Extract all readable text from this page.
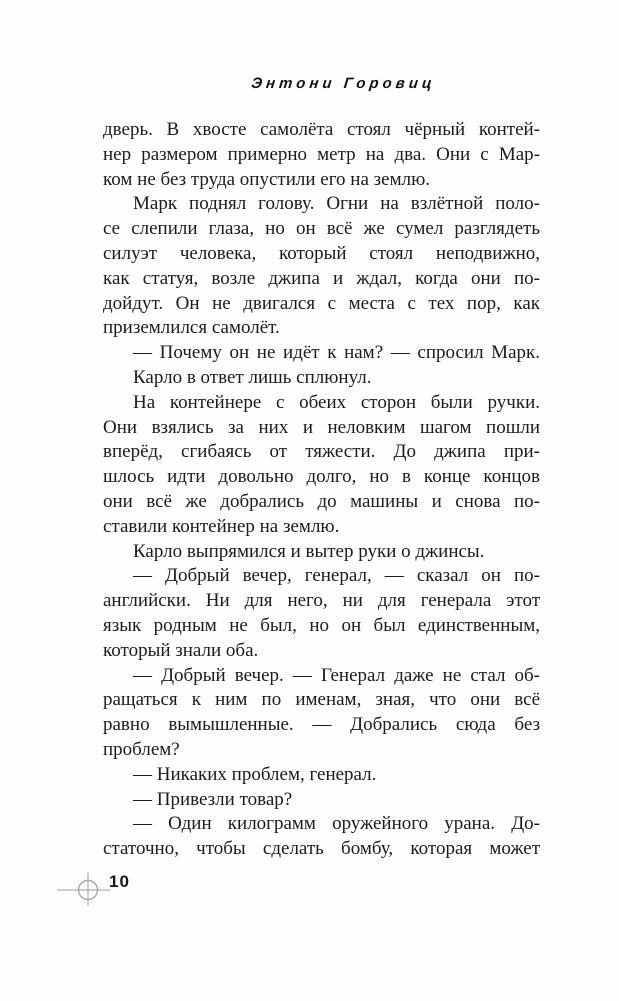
Энтони Горовиц
дверь. В хвосте самолёта стоял чёрный контей-
нер размером примерно метр на два. Они с Мар-
ком не без труда опустили его на землю.
Марк поднял голову. Огни на взлётной поло-
се слепили глаза, но он всё же сумел разглядеть
силуэт человека, который стоял неподвижно,
как статуя, возле джипа и ждал, когда они по-
дойдут. Он не двигался с места с тех пор, как
приземлился самолёт.
— Почему он не идёт к нам? — спросил Марк.
Карло в ответ лишь сплюнул.
На контейнере с обеих сторон были ручки.
Они взялись за них и неловким шагом пошли
вперёд, сгибаясь от тяжести. До джипа при-
шлось идти довольно долго, но в конце концов
они всё же добрались до машины и снова по-
ставили контейнер на землю.
Карло выпрямился и вытер руки о джинсы.
— Добрый вечер, генерал, — сказал он по-
английски. Ни для него, ни для генерала этот
язык родным не был, но он был единственным,
который знали оба.
— Добрый вечер. — Генерал даже не стал об-
ращаться к ним по именам, зная, что они всё
равно вымышленные. — Добрались сюда без
проблем?
— Никаких проблем, генерал.
— Привезли товар?
— Один килограмм оружейного урана. До-
статочно, чтобы сделать бомбу, которая может
10
